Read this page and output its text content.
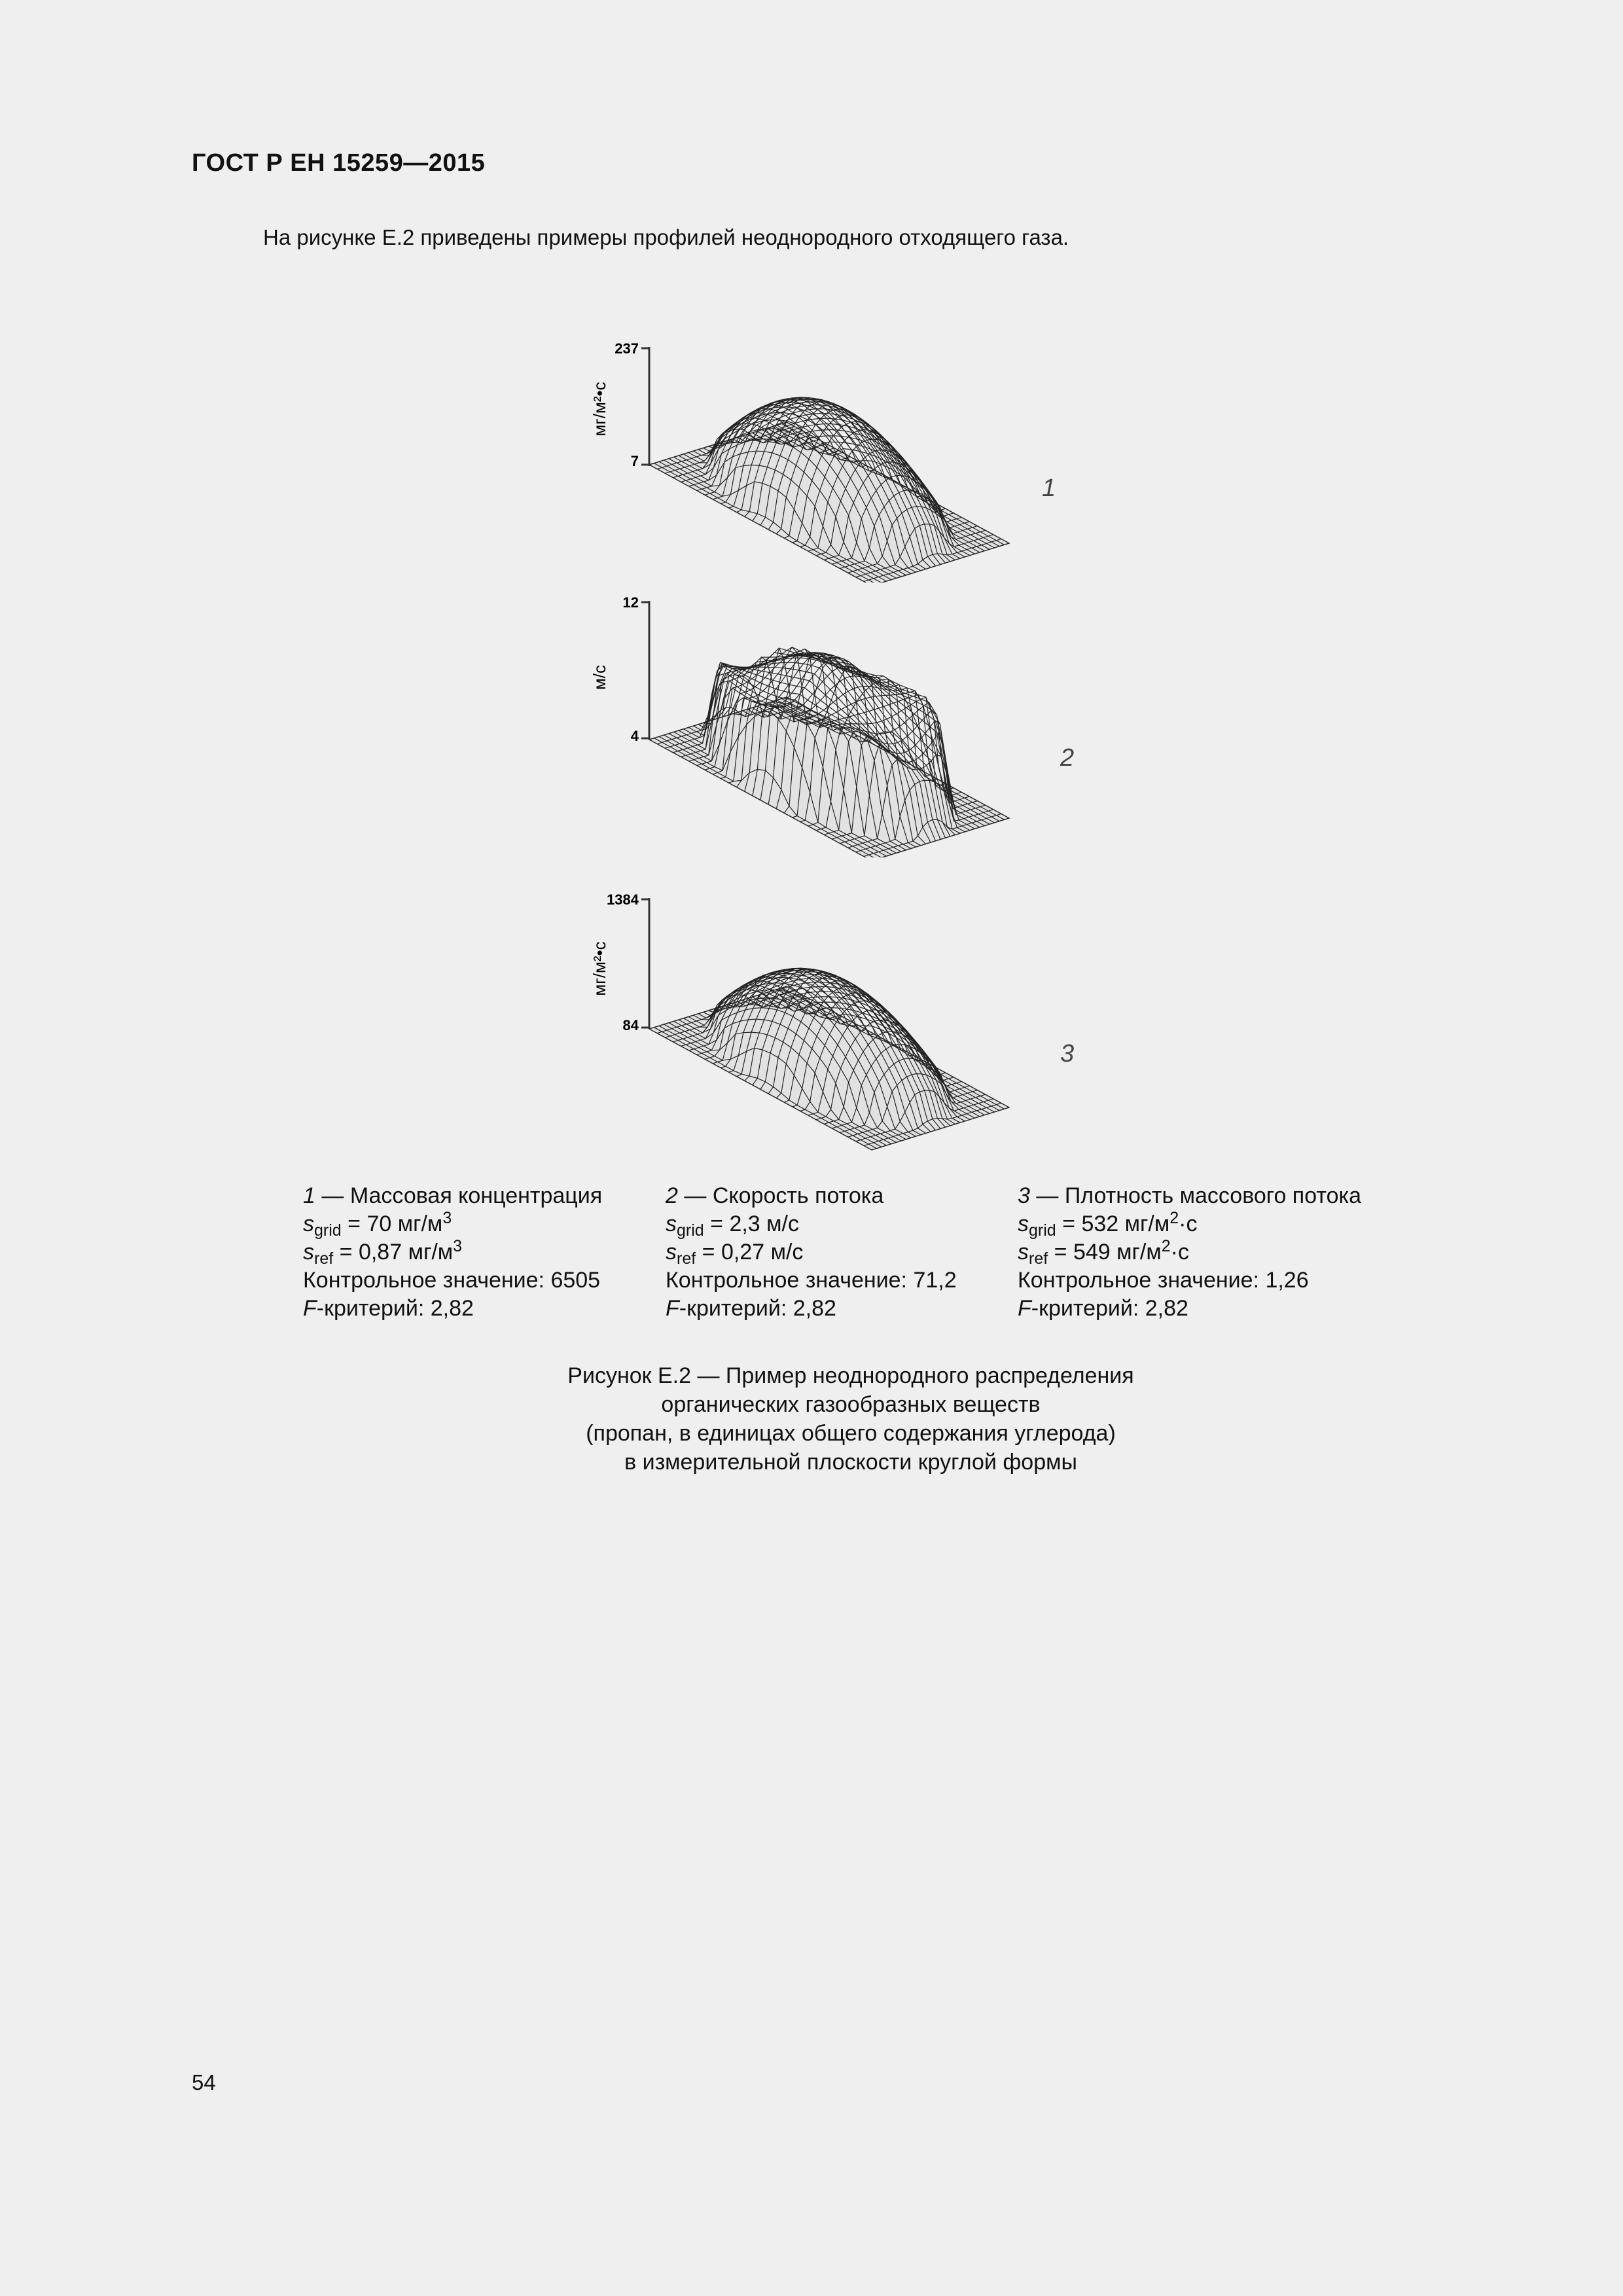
ГОСТ Р ЕН 15259—2015
На рисунке Е.2 приведены примеры профилей неоднородного отходящего газа.
237
7
мг/м²•с
1
12
4
м/с
2
1384
84
мг/м²•с
3
1 — Массовая концентрация
$s_{grid} = 70$ $мг/м^3$
$s_{ref} = 0,87$ $мг/м^3$
Контрольное значение: 6505
F-критерий: 2,82
2 — Скорость потока
$s_{grid} = 2,3$ м/с
$s_{ref} = 0,27$ м/с
Контрольное значение: 71,2
F-критерий: 2,82
3 — Плотность массового потока
$s_{grid} = 532$ $мг/м^2\cdot с$
$s_{ref} = 549$ $мг/м^2\cdot с$
Контрольное значение: 1,26
F-критерий: 2,82
Рисунок Е.2 — Пример неоднородного распределения
органических газообразных веществ
(пропан, в единицах общего содержания углерода)
в измерительной плоскости круглой формы
54
